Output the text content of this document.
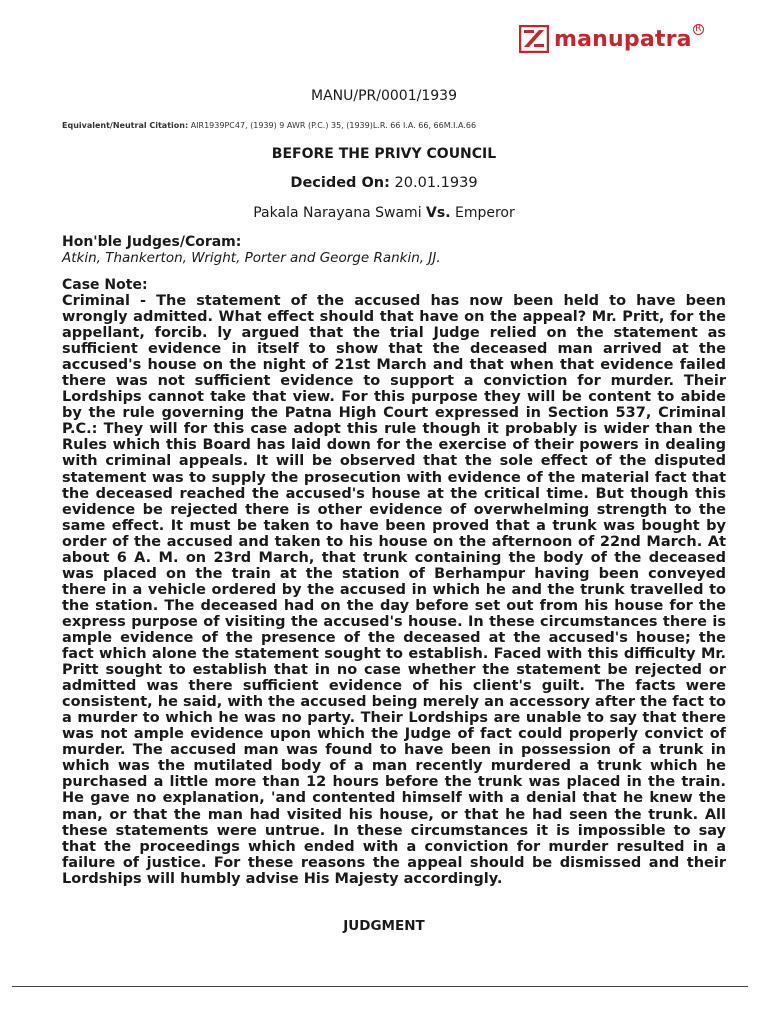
manupatra R
MANU/PR/0001/1939
Equivalent/Neutral Citation: AIR1939PC47, (1939) 9 AWR (P.C.) 35, (1939)L.R. 66 I.A. 66, 66M.I.A.66
BEFORE THE PRIVY COUNCIL
Decided On: 20.01.1939
Pakala Narayana Swami Vs. Emperor
Hon'ble Judges/Coram:
Atkin, Thankerton, Wright, Porter and George Rankin, JJ.
Case Note:

Criminal - The statement of the accused has now been held to have been wrongly admitted. What effect should that have on the appeal? Mr. Pritt, for the appellant, forcib. ly argued that the trial Judge relied on the statement as sufficient evidence in itself to show that the deceased man arrived at the accused's house on the night of 21st March and that when that evidence failed there was not sufficient evidence to support a conviction for murder. Their Lordships cannot take that view. For this purpose they will be content to abide by the rule governing the Patna High Court expressed in Section 537, Criminal P.C.: They will for this case adopt this rule though it probably is wider than the Rules which this Board has laid down for the exercise of their powers in dealing with criminal appeals. It will be observed that the sole effect of the disputed statement was to supply the prosecution with evidence of the material fact that the deceased reached the accused's house at the critical time. But though this evidence be rejected there is other evidence of overwhelming strength to the same effect. It must be taken to have been proved that a trunk was bought by order of the accused and taken to his house on the afternoon of 22nd March. At about 6 A. M. on 23rd March, that trunk containing the body of the deceased was placed on the train at the station of Berhampur having been conveyed there in a vehicle ordered by the accused in which he and the trunk travelled to the station. The deceased had on the day before set out from his house for the express purpose of visiting the accused's house. In these circumstances there is ample evidence of the presence of the deceased at the accused's house; the fact which alone the statement sought to establish. Faced with this difficulty Mr. Pritt sought to establish that in no case whether the statement be rejected or admitted was there sufficient evidence of his client's guilt. The facts were consistent, he said, with the accused being merely an accessory after the fact to a murder to which he was no party. Their Lordships are unable to say that there was not ample evidence upon which the Judge of fact could properly convict of murder. The accused man was found to have been in possession of a trunk in which was the mutilated body of a man recently murdered a trunk which he purchased a little more than 12 hours before the trunk was placed in the train. He gave no explanation, 'and contented himself with a denial that he knew the man, or that the man had visited his house, or that he had seen the trunk. All these statements were untrue. In these circumstances it is impossible to say that the proceedings which ended with a conviction for murder resulted in a failure of justice. For these reasons the appeal should be dismissed and their Lordships will humbly advise His Majesty accordingly.

JUDGMENT
